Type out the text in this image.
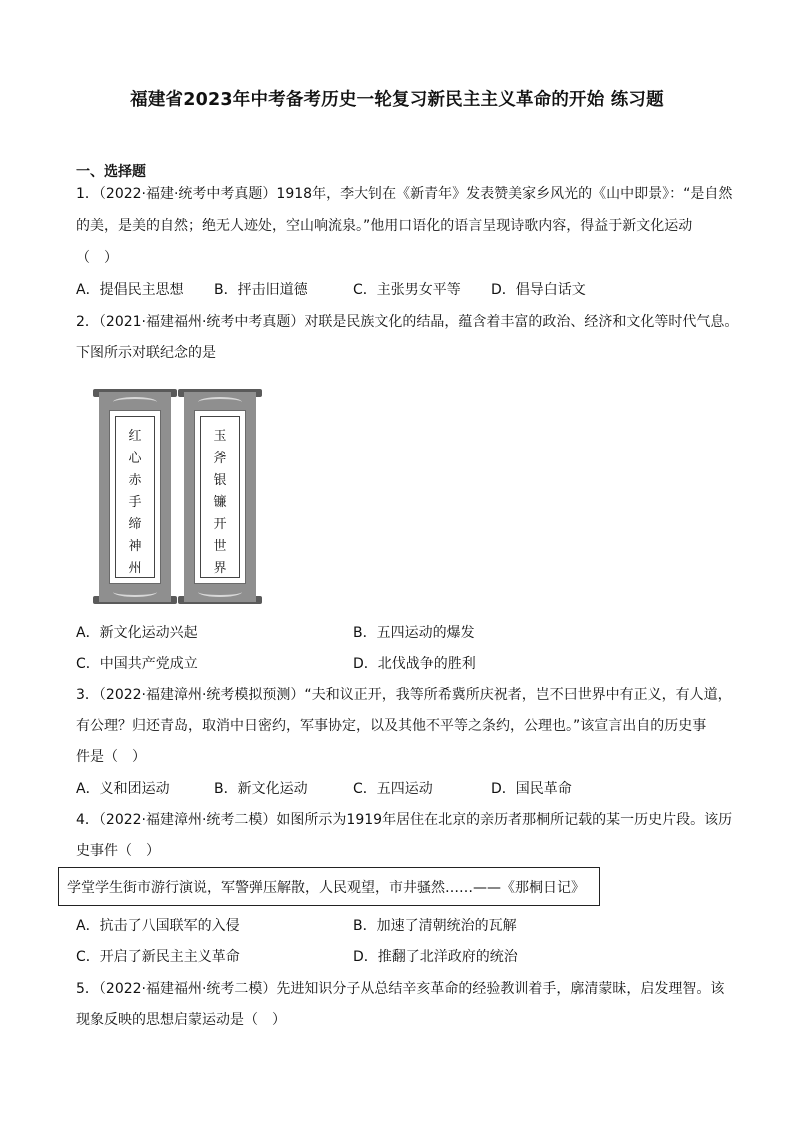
福建省2023年中考备考历史一轮复习新民主主义革命的开始 练习题
一、选择题
1．（2022·福建·统考中考真题）1918年，李大钊在《新青年》发表赞美家乡风光的《山中即景》：“是自然
的美，是美的自然；绝无人迹处，空山响流泉。”他用口语化的语言呈现诗歌内容，得益于新文化运动
（　）
A．提倡民主思想 B．抨击旧道德	C．主张男女平等 D．倡导白话文
2．（2021·福建福州·统考中考真题）对联是民族文化的结晶，蕴含着丰富的政治、经济和文化等时代气息。
下图所示对联纪念的是
红
心
赤
手
缔
神
州
玉
斧
银
镰
开
世
界
A．新文化运动兴起	B．五四运动的爆发
C．中国共产党成立	D．北伐战争的胜利
3．（2022·福建漳州·统考模拟预测）“夫和议正开，我等所希冀所庆祝者，岂不曰世界中有正义，有人道，
有公理？归还青岛，取消中日密约，军事协定，以及其他不平等之条约，公理也。”该宣言出自的历史事
件是（　）
A．义和团运动	B．新文化运动	C．五四运动	D．国民革命
4．（2022·福建漳州·统考二模）如图所示为1919年居住在北京的亲历者那桐所记载的某一历史片段。该历
史事件（　）
学堂学生街市游行演说，军警弹压解散，人民观望，市井骚然……——《那桐日记》
A．抗击了八国联军的入侵	B．加速了清朝统治的瓦解
C．开启了新民主主义革命	D．推翻了北洋政府的统治
5．（2022·福建福州·统考二模）先进知识分子从总结辛亥革命的经验教训着手，廓清蒙昧，启发理智。该
现象反映的思想启蒙运动是（　）
